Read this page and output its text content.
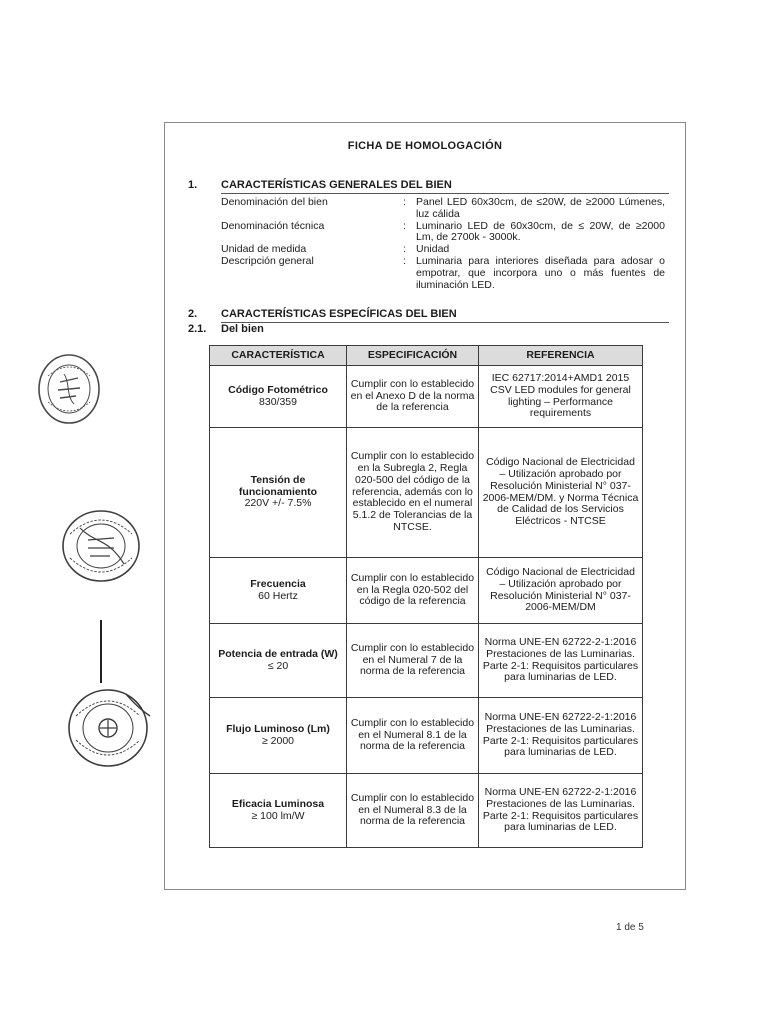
FICHA DE HOMOLOGACIÓN
1. CARACTERÍSTICAS GENERALES DEL BIEN
Denominación del bien	: Panel LED 60x30cm, de ≤20W, de ≥2000 Lúmenes, luz cálida
Denominación técnica	: Luminario LED de 60x30cm, de ≤ 20W, de ≥2000 Lm, de 2700k - 3000k.
Unidad de medida	: Unidad
Descripción general	: Luminaria para interiores diseñada para adosar o empotrar, que incorpora uno o más fuentes de iluminación LED.
2. CARACTERÍSTICAS ESPECÍFICAS DEL BIEN
2.1. Del bien
CARACTERÍSTICA	ESPECIFICACIÓN	REFERENCIA

Código Fotométrico
830/359	Cumplir con lo establecido en el Anexo D de la norma de la referencia	IEC 62717:2014+AMD1 2015 CSV LED modules for general lighting – Performance requirements

Tensión de funcionamiento
220V +/- 7.5%	Cumplir con lo establecido en la Subregla 2, Regla 020-500 del código de la referencia, además con lo establecido en el numeral 5.1.2 de Tolerancias de la NTCSE.	Código Nacional de Electricidad – Utilización aprobado por Resolución Ministerial N° 037-2006-MEM/DM. y Norma Técnica de Calidad de los Servicios Eléctricos - NTCSE

Frecuencia
60 Hertz	Cumplir con lo establecido en la Regla 020-502 del código de la referencia	Código Nacional de Electricidad – Utilización aprobado por Resolución Ministerial N° 037-2006-MEM/DM

Potencia de entrada (W)
≤ 20	Cumplir con lo establecido en el Numeral 7 de la norma de la referencia	Norma UNE-EN 62722-2-1:2016 Prestaciones de las Luminarias. Parte 2-1: Requisitos particulares para luminarias de LED.

Flujo Luminoso (Lm)
≥ 2000	Cumplir con lo establecido en el Numeral 8.1 de la norma de la referencia	Norma UNE-EN 62722-2-1:2016 Prestaciones de las Luminarias. Parte 2-1: Requisitos particulares para luminarias de LED.

Eficacia Luminosa
≥ 100 lm/W	Cumplir con lo establecido en el Numeral 8.3 de la norma de la referencia	Norma UNE-EN 62722-2-1:2016 Prestaciones de las Luminarias. Parte 2-1: Requisitos particulares para luminarias de LED.
1 de 5
